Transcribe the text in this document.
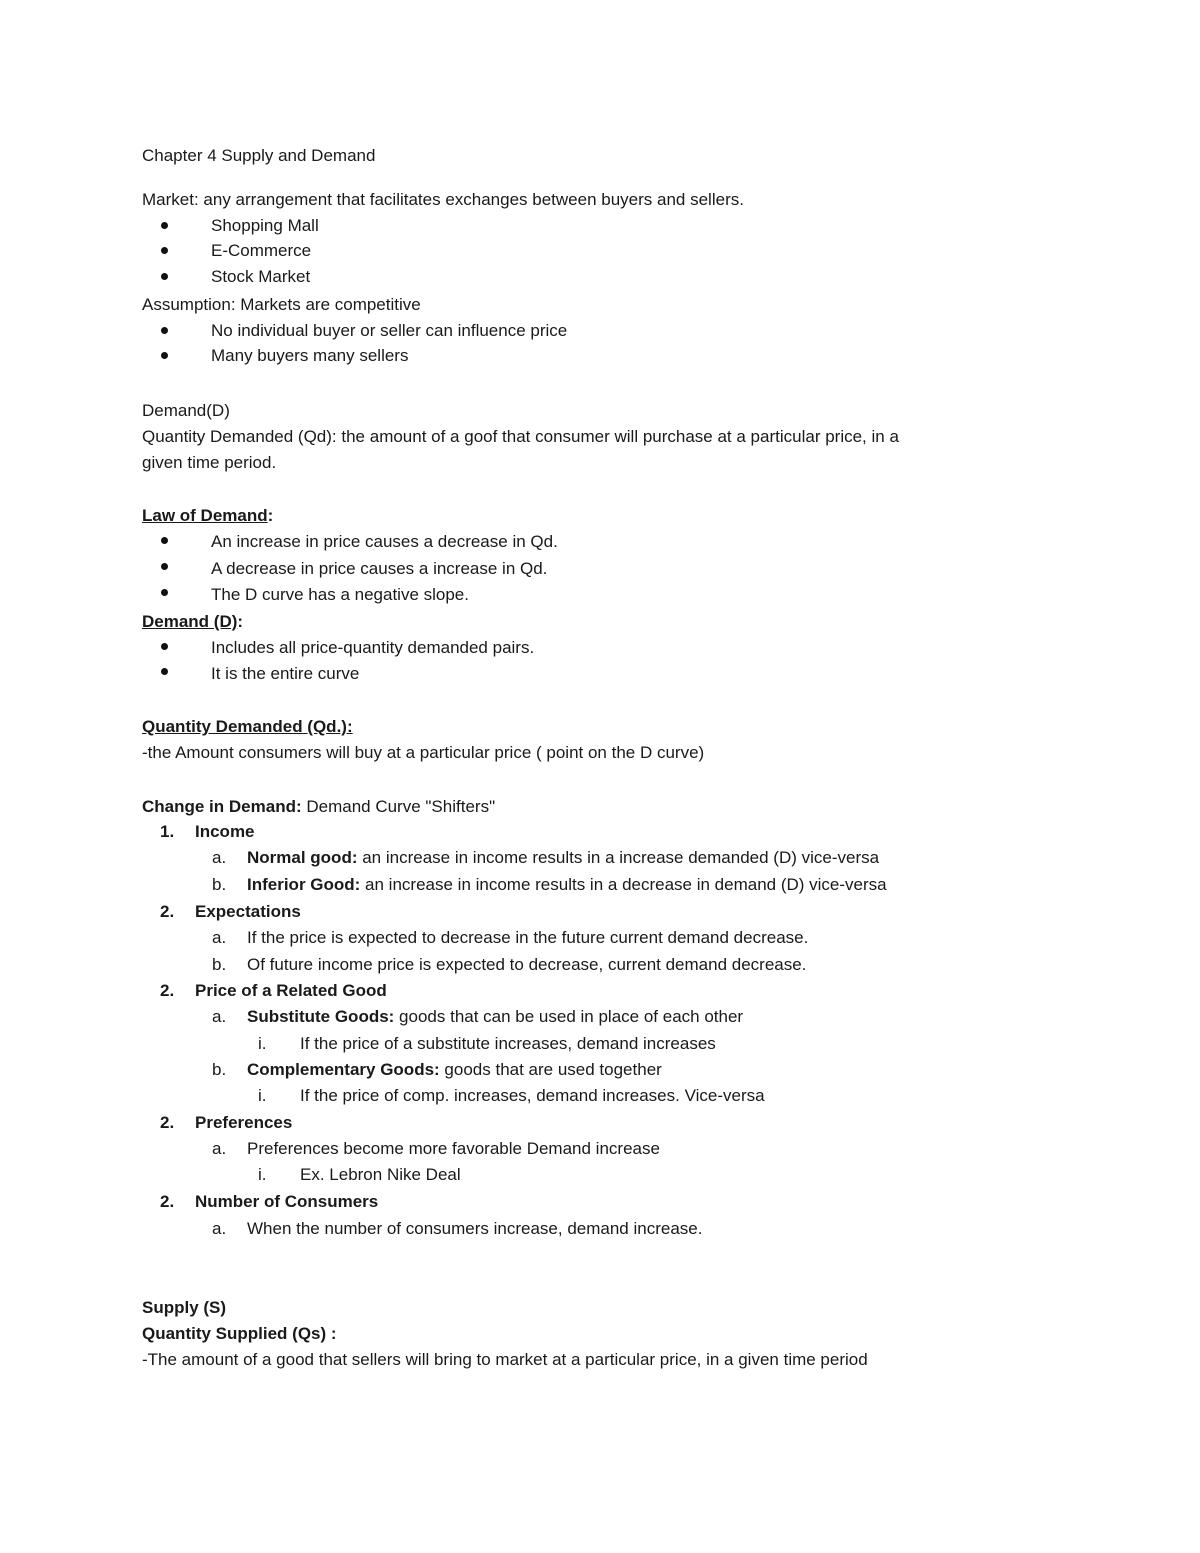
Chapter 4 Supply and Demand
Market: any arrangement that facilitates exchanges between buyers and sellers.
Shopping Mall
E-Commerce
Stock Market
Assumption: Markets are competitive
No individual buyer or seller can influence price
Many buyers many sellers
Demand(D)
Quantity Demanded (Qd): the amount of a goof that consumer will purchase at a particular price, in a
given time period.
Law of Demand:
An increase in price causes a decrease in Qd.
A decrease in price causes a increase in Qd.
The D curve has a negative slope.
Demand (D):
Includes all price-quantity demanded pairs.
It is the entire curve
Quantity Demanded (Qd.):
-the Amount consumers will buy at a particular price ( point on the D curve)
Change in Demand: Demand Curve "Shifters"
1. Income
a. Normal good: an increase in income results in a increase demanded (D) vice-versa
b. Inferior Good: an increase in income results in a decrease in demand (D) vice-versa
2. Expectations
a. If the price is expected to decrease in the future current demand decrease.
b. Of future income price is expected to decrease, current demand decrease.
2. Price of a Related Good
a. Substitute Goods: goods that can be used in place of each other
i. If the price of a substitute increases, demand increases
b. Complementary Goods: goods that are used together
i. If the price of comp. increases, demand increases. Vice-versa
2. Preferences
a. Preferences become more favorable Demand increase
i. Ex. Lebron Nike Deal
2. Number of Consumers
a. When the number of consumers increase, demand increase.
Supply (S)
Quantity Supplied (Qs) :
-The amount of a good that sellers will bring to market at a particular price, in a given time period
